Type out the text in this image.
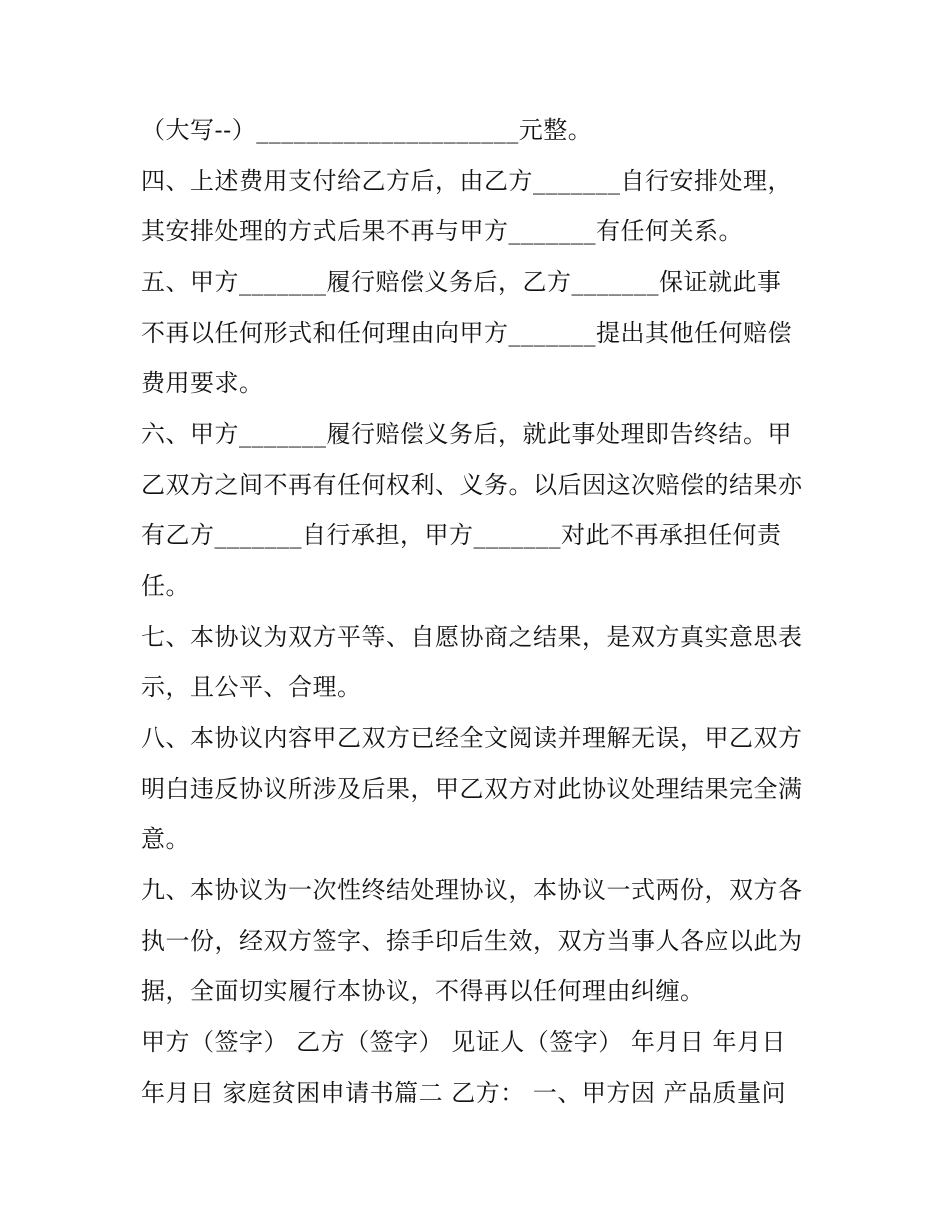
（大写--）_____________________元整。
四、上述费用支付给乙方后，由乙方_______自行安排处理，
其安排处理的方式后果不再与甲方_______有任何关系。
五、甲方_______履行赔偿义务后，乙方_______保证就此事
不再以任何形式和任何理由向甲方_______提出其他任何赔偿
费用要求。
六、甲方_______履行赔偿义务后，就此事处理即告终结。甲
乙双方之间不再有任何权利、义务。以后因这次赔偿的结果亦
有乙方_______自行承担，甲方_______对此不再承担任何责
任。
七、本协议为双方平等、自愿协商之结果，是双方真实意思表
示，且公平、合理。
八、本协议内容甲乙双方已经全文阅读并理解无误，甲乙双方
明白违反协议所涉及后果，甲乙双方对此协议处理结果完全满
意。
九、本协议为一次性终结处理协议，本协议一式两份，双方各
执一份，经双方签字、捺手印后生效，双方当事人各应以此为
据，全面切实履行本协议，不得再以任何理由纠缠。
甲方（签字） 乙方（签字） 见证人（签字） 年月日 年月日
年月日 家庭贫困申请书篇二 乙方： 一、甲方因 产品质量问
